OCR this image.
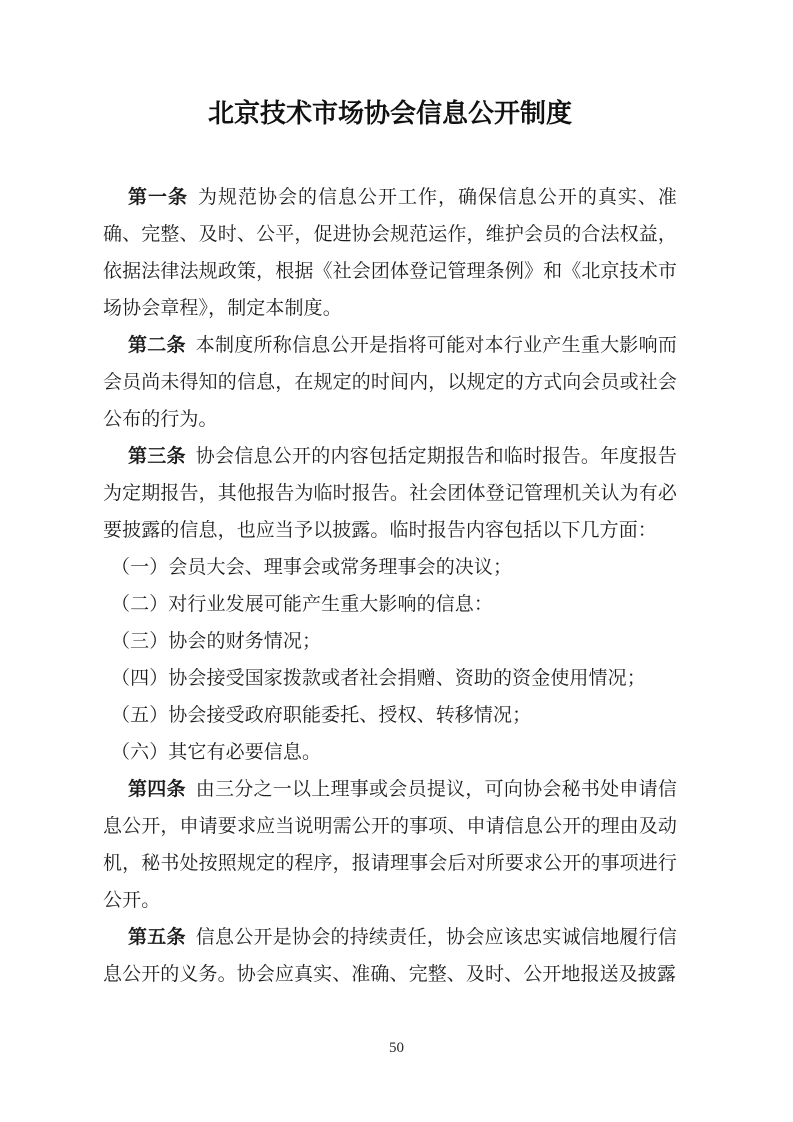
北京技术市场协会信息公开制度

第一条 为规范协会的信息公开工作，确保信息公开的真实、准确、完整、及时、公平，促进协会规范运作，维护会员的合法权益，依据法律法规政策，根据《社会团体登记管理条例》和《北京技术市场协会章程》，制定本制度。

第二条 本制度所称信息公开是指将可能对本行业产生重大影响而会员尚未得知的信息，在规定的时间内，以规定的方式向会员或社会公布的行为。

第三条 协会信息公开的内容包括定期报告和临时报告。年度报告为定期报告，其他报告为临时报告。社会团体登记管理机关认为有必要披露的信息，也应当予以披露。临时报告内容包括以下几方面：

（一）会员大会、理事会或常务理事会的决议；

（二）对行业发展可能产生重大影响的信息：

（三）协会的财务情况；

（四）协会接受国家拨款或者社会捐赠、资助的资金使用情况；

（五）协会接受政府职能委托、授权、转移情况；

（六）其它有必要信息。

第四条 由三分之一以上理事或会员提议，可向协会秘书处申请信息公开，申请要求应当说明需公开的事项、申请信息公开的理由及动机，秘书处按照规定的程序，报请理事会后对所要求公开的事项进行公开。

第五条 信息公开是协会的持续责任，协会应该忠实诚信地履行信息公开的义务。协会应真实、准确、完整、及时、公开地报送及披露

50
